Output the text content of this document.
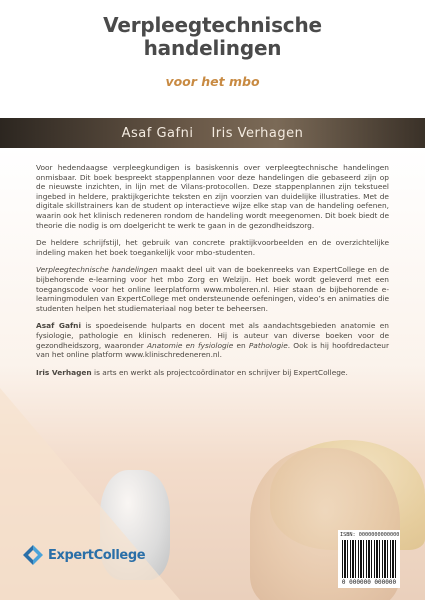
Verpleegtechnische
handelingen
voor het mbo
Asaf Gafni Iris Verhagen

Voor hedendaagse verpleegkundigen is basiskennis over verpleegtechnische handelingen onmisbaar. Dit boek bespreekt stappenplannen voor deze handelingen die gebaseerd zijn op de nieuwste inzichten, in lijn met de Vilans-protocollen. Deze stappenplannen zijn tekstueel ingebed in heldere, praktijkgerichte teksten en zijn voorzien van duidelijke illustraties. Met de digitale skillstrainers kan de student op interactieve wijze elke stap van de handeling oefenen, waarin ook het klinisch redeneren rondom de handeling wordt meegenomen. Dit boek biedt de theorie die nodig is om doelgericht te werk te gaan in de gezondheidszorg.

De heldere schrijfstijl, het gebruik van concrete praktijkvoorbeelden en de overzichtelijke indeling maken het boek toegankelijk voor mbo-studenten.

Verpleegtechnische handelingen maakt deel uit van de boekenreeks van ExpertCollege en de bijbehorende e-learning voor het mbo Zorg en Welzijn. Het boek wordt geleverd met een toegangscode voor het online leerplatform www.mboleren.nl. Hier staan de bijbehorende e-learningmodulen van ExpertCollege met ondersteunende oefeningen, video’s en animaties die studenten helpen het studiemateriaal nog beter te beheersen.

Asaf Gafni is spoedeisende hulparts en docent met als aandachtsgebieden anatomie en fysiologie, pathologie en klinisch redeneren. Hij is auteur van diverse boeken voor de gezondheidszorg, waaronder Anatomie en fysiologie en Pathologie. Ook is hij hoofdredacteur van het online platform www.klinischredeneren.nl.

Iris Verhagen is arts en werkt als projectcoördinator en schrijver bij ExpertCollege.

ExpertCollege
ISBN: 0000000000000
0 000000 000000
